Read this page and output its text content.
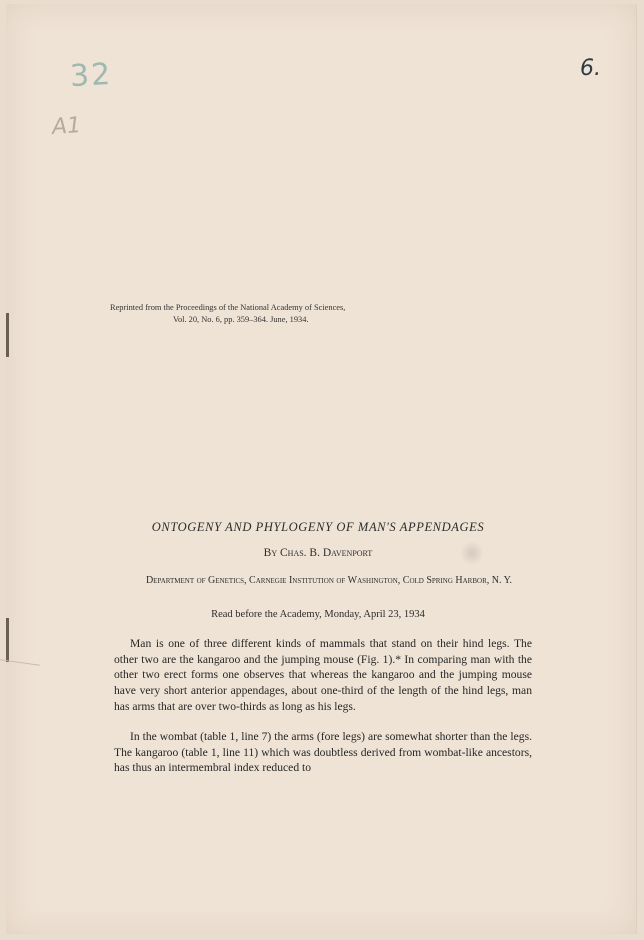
32
A1
6.
Reprinted from the Proceedings of the National Academy of Sciences,
Vol. 20, No. 6, pp. 359–364. June, 1934.
ONTOGENY AND PHYLOGENY OF MAN'S APPENDAGES
By Chas. B. Davenport
Department of Genetics, Carnegie Institution of Washington, Cold Spring Harbor, N. Y.
Read before the Academy, Monday, April 23, 1934

Man is one of three different kinds of mammals that stand on their hind legs. The other two are the kangaroo and the jumping mouse (Fig. 1).* In comparing man with the other two erect forms one observes that whereas the kangaroo and the jumping mouse have very short anterior appendages, about one-third of the length of the hind legs, man has arms that are over two-thirds as long as his legs.

In the wombat (table 1, line 7) the arms (fore legs) are somewhat shorter than the legs. The kangaroo (table 1, line 11) which was doubtless derived from wombat-like ancestors, has thus an intermembral index reduced to
